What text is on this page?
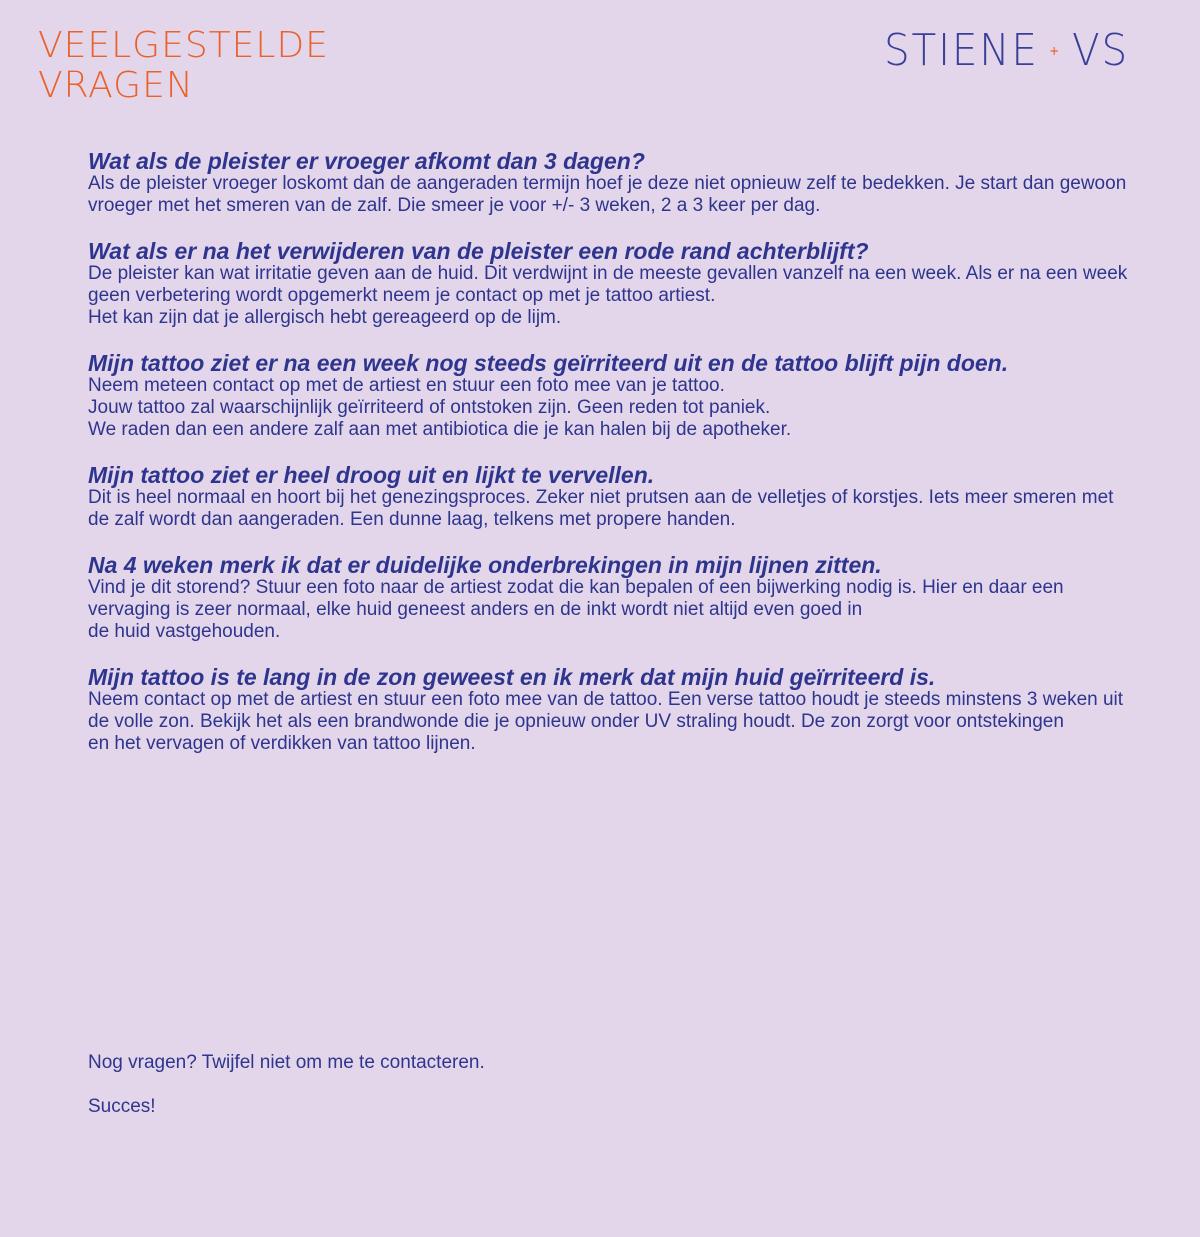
VEELGESTELDE
VRAGEN
STIENE VS
Wat als de pleister er vroeger afkomt dan 3 dagen?

Als de pleister vroeger loskomt dan de aangeraden termijn hoef je deze niet opnieuw zelf te bedekken. Je start dan gewoon vroeger met het smeren van de zalf. Die smeer je voor +/- 3 weken, 2 a 3 keer per dag.

Wat als er na het verwijderen van de pleister een rode rand achterblijft?

De pleister kan wat irritatie geven aan de huid. Dit verdwijnt in de meeste gevallen vanzelf na een week. Als er na een week geen verbetering wordt opgemerkt neem je contact op met je tattoo artiest.
Het kan zijn dat je allergisch hebt gereageerd op de lijm.

Mijn tattoo ziet er na een week nog steeds geïrriteerd uit en de tattoo blijft pijn doen.

Neem meteen contact op met de artiest en stuur een foto mee van je tattoo.
Jouw tattoo zal waarschijnlijk geïrriteerd of ontstoken zijn. Geen reden tot paniek.
We raden dan een andere zalf aan met antibiotica die je kan halen bij de apotheker.

Mijn tattoo ziet er heel droog uit en lijkt te vervellen.

Dit is heel normaal en hoort bij het genezingsproces. Zeker niet prutsen aan de velletjes of korstjes. Iets meer smeren met de zalf wordt dan aangeraden. Een dunne laag, telkens met propere handen.

Na 4 weken merk ik dat er duidelijke onderbrekingen in mijn lijnen zitten.

Vind je dit storend? Stuur een foto naar de artiest zodat die kan bepalen of een bijwerking nodig is. Hier en daar een vervaging is zeer normaal, elke huid geneest anders en de inkt wordt niet altijd even goed in
de huid vastgehouden.

Mijn tattoo is te lang in de zon geweest en ik merk dat mijn huid geïrriteerd is.

Neem contact op met de artiest en stuur een foto mee van de tattoo. Een verse tattoo houdt je steeds minstens 3 weken uit de volle zon. Bekijk het als een brandwonde die je opnieuw onder UV straling houdt. De zon zorgt voor ontstekingen
en het vervagen of verdikken van tattoo lijnen.

Nog vragen? Twijfel niet om me te contacteren.

Succes!
